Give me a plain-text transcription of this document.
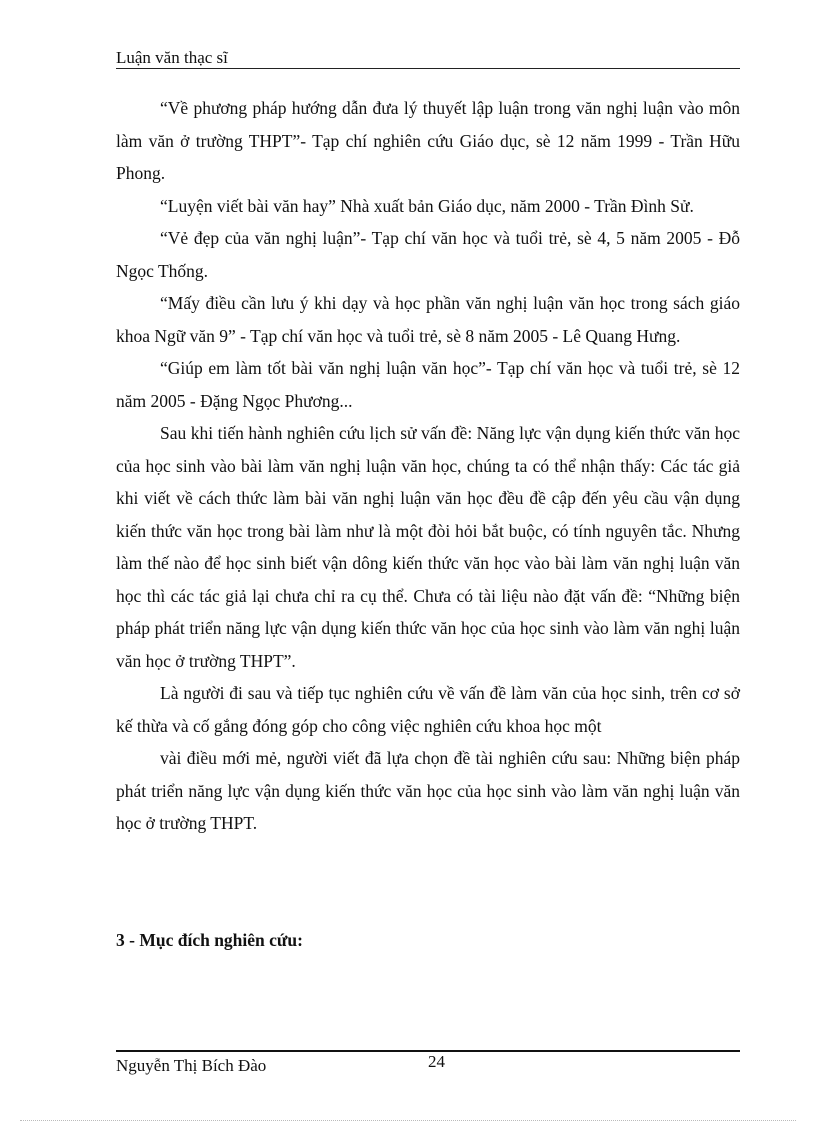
Luận văn thạc sĩ

“Về phương pháp hướng dẫn đưa lý thuyết lập luận trong văn nghị luận vào môn làm văn ở trường THPT”- Tạp chí nghiên cứu Giáo dục, sè 12 năm 1999 - Trần Hữu Phong.

“Luyện viết bài văn hay” Nhà xuất bản Giáo dục, năm 2000 - Trần Đình Sử.

“Vẻ đẹp của văn nghị luận”- Tạp chí văn học và tuổi trẻ, sè 4, 5 năm 2005 - Đỗ Ngọc Thống.

“Mấy điều cần lưu ý khi dạy và học phần văn nghị luận văn học trong sách giáo khoa Ngữ văn 9” - Tạp chí văn học và tuổi trẻ, sè 8 năm 2005 - Lê Quang Hưng.

“Giúp em làm tốt bài văn nghị luận văn học”- Tạp chí văn học và tuổi trẻ, sè 12 năm 2005 - Đặng Ngọc Phương...

Sau khi tiến hành nghiên cứu lịch sử vấn đề: Năng lực vận dụng kiến thức văn học của học sinh vào bài làm văn nghị luận văn học, chúng ta có thể nhận thấy: Các tác giả khi viết về cách thức làm bài văn nghị luận văn học đều đề cập đến yêu cầu vận dụng kiến thức văn học trong bài làm như là một đòi hỏi bắt buộc, có tính nguyên tắc. Nhưng làm thế nào để học sinh biết vận dông kiến thức văn học vào bài làm văn nghị luận văn học thì các tác giả lại chưa chỉ ra cụ thể. Chưa có tài liệu nào đặt vấn đề: “Những biện pháp phát triển năng lực vận dụng kiến thức văn học của học sinh vào làm văn nghị luận văn học ở trường THPT”.

Là người đi sau và tiếp tục nghiên cứu về vấn đề làm văn của học sinh, trên cơ sở kế thừa và cố gắng đóng góp cho công việc nghiên cứu khoa học một

vài điều mới mẻ, người viết đã lựa chọn đề tài nghiên cứu sau: Những biện pháp phát triển năng lực vận dụng kiến thức văn học của học sinh vào làm văn nghị luận văn học ở trường THPT.

3 - Mục đích nghiên cứu:
Nguyễn Thị Bích Đào	24
